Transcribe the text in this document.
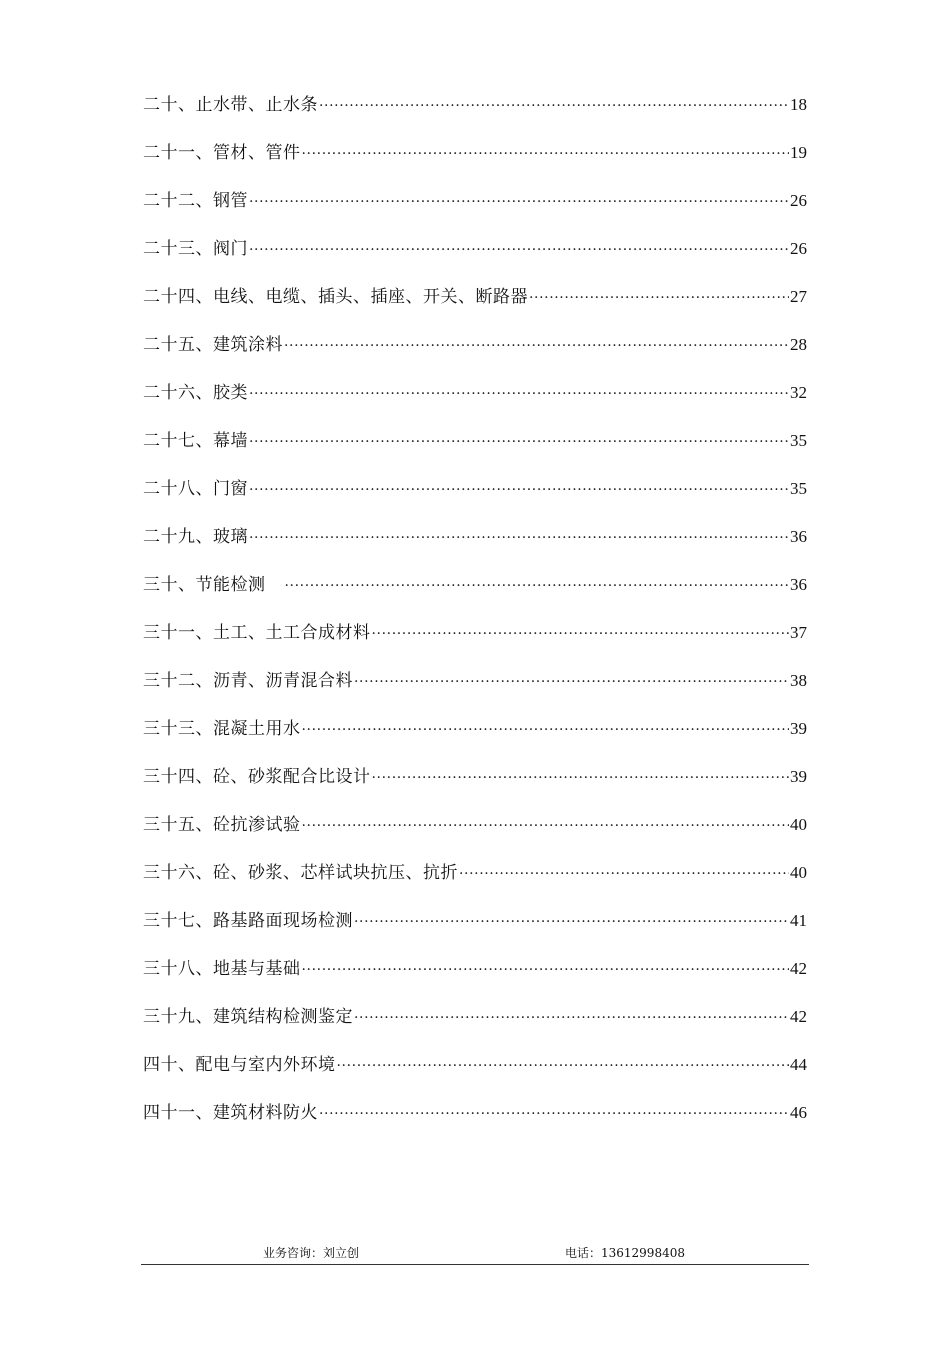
二十、止水带、止水条 ·····	18
二十一、管材、管件 ·····	19
二十二、钢管 ·····	26
二十三、阀门 ·····	26
二十四、电线、电缆、插头、插座、开关、断路器 ·····	27
二十五、建筑涂料 ·····	28
二十六、胶类 ·····	32
二十七、幕墙 ·····	35
二十八、门窗 ·····	35
二十九、玻璃 ·····	36
三十、节能检测 ·····	36
三十一、土工、土工合成材料 ·····	37
三十二、沥青、沥青混合料 ·····	38
三十三、混凝土用水 ·····	39
三十四、砼、砂浆配合比设计 ·····	39
三十五、砼抗渗试验 ·····	40
三十六、砼、砂浆、芯样试块抗压、抗折 ·····	40
三十七、路基路面现场检测 ·····	41
三十八、地基与基础 ·····	42
三十九、建筑结构检测鉴定 ·····	42
四十、配电与室内外环境 ·····	44
四十一、建筑材料防火 ·····	46
业务咨询：刘立创	电话：13612998408
